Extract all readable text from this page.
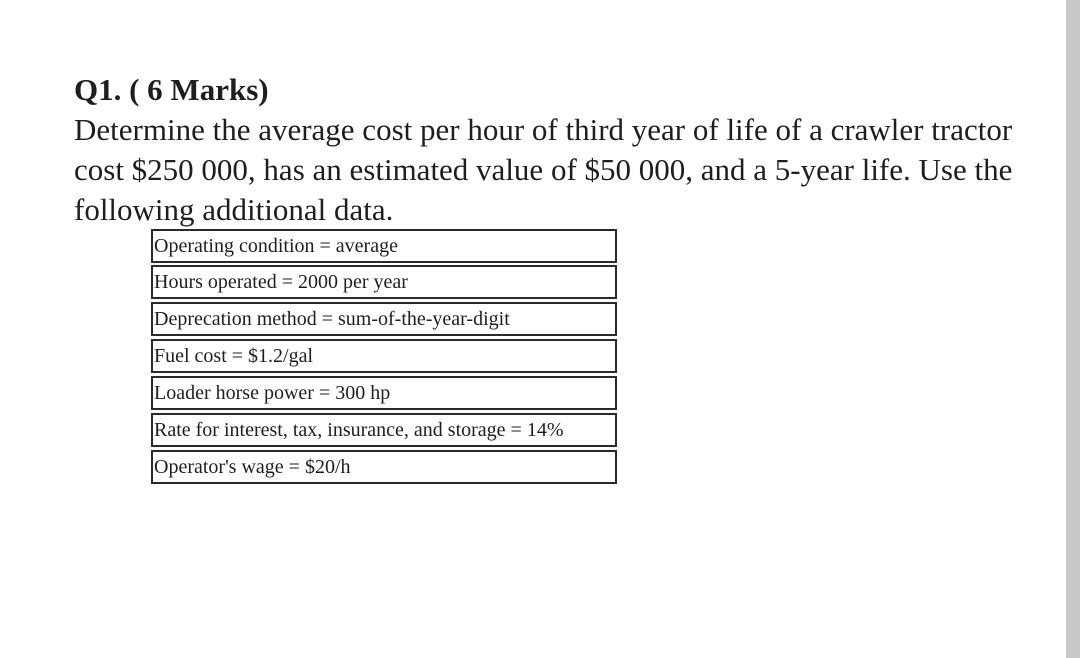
Q1. ( 6 Marks)

Determine the average cost per hour of third year of life of a crawler tractor cost $250 000, has an estimated value of $50 000, and a 5-year life. Use the following additional data.

Operating condition = average
Hours operated = 2000 per year
Deprecation method = sum-of-the-year-digit
Fuel cost = $1.2/gal
Loader horse power = 300 hp
Rate for interest, tax, insurance, and storage = 14%
Operator's wage = $20/h
